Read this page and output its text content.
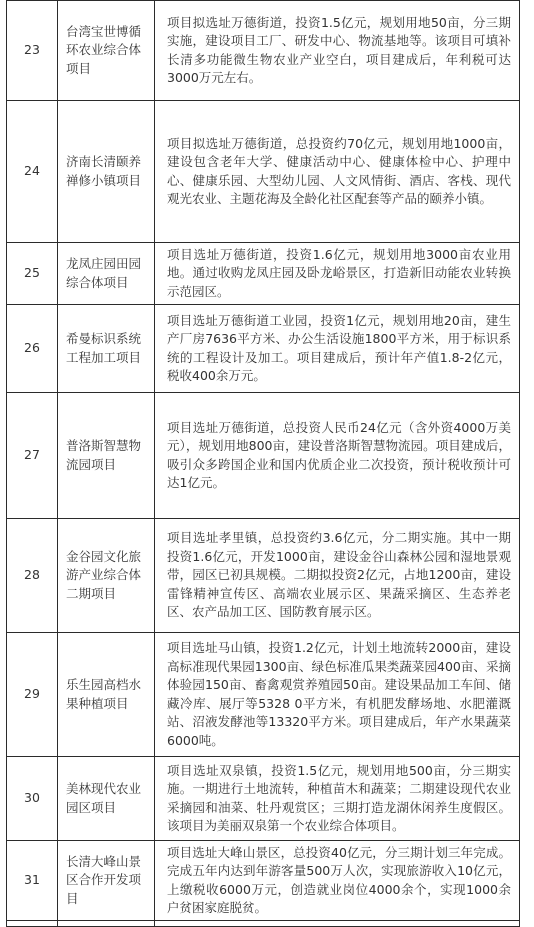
23	台湾宝世博循环农业综合体项目	项目拟选址万德街道，投资1.5亿元，规划用地50亩，分三期实施，建设项目工厂、研发中心、物流基地等。该项目可填补长清多功能微生物农业产业空白，项目建成后，年利税可达3000万元左右。

24	济南长清颐养禅修小镇项目	项目拟选址万德街道，总投资约70亿元，规划用地1000亩，建设包含老年大学、健康活动中心、健康体检中心、护理中心、健康乐园、大型幼儿园、人文风情街、酒店、客栈、现代观光农业、主题花海及全龄化社区配套等产品的颐养小镇。

25	龙凤庄园田园综合体项目	项目选址万德街道，投资1.6亿元，规划用地3000亩农业用地。通过收购龙凤庄园及卧龙峪景区，打造新旧动能农业转换示范园区。

26	希曼标识系统工程加工项目	项目选址万德街道工业园，投资1亿元，规划用地20亩，建生产厂房7636平方米、办公生活设施1800平方米，用于标识系统的工程设计及加工。项目建成后，预计年产值1.8-2亿元，税收400余万元。

27	普洛斯智慧物流园项目	项目选址万德街道，总投资人民币24亿元（含外资4000万美元），规划用地800亩，建设普洛斯智慧物流园。项目建成后，吸引众多跨国企业和国内优质企业二次投资，预计税收预计可达1亿元。

28	金谷园文化旅游产业综合体二期项目	项目选址孝里镇，总投资约3.6亿元，分二期实施。其中一期投资1.6亿元，开发1000亩，建设金谷山森林公园和湿地景观带，园区已初具规模。二期拟投资2亿元，占地1200亩，建设雷锋精神宣传区、高端农业展示区、果蔬采摘区、生态养老区、农产品加工区、国防教育展示区。

29	乐生园高档水果种植项目	项目选址马山镇，投资1.2亿元，计划土地流转2000亩，建设高标准现代果园1300亩、绿色标准瓜果类蔬菜园400亩、采摘体验园150亩、畜禽观赏养殖园50亩。建设果品加工车间、储藏冷库、展厅等5328 0平方米，有机肥发酵场地、水肥灌溉站、沼液发酵池等13320平方米。项目建成后，年产水果蔬菜6000吨。

30	美林现代农业园区项目	项目选址双泉镇，投资1.5亿元，规划用地500亩，分三期实施。一期进行土地流转，种植苗木和蔬菜；二期建设现代农业采摘园和油菜、牡丹观赏区；三期打造龙湖休闲养生度假区。该项目为美丽双泉第一个农业综合体项目。

31	长清大峰山景区合作开发项目	项目选址大峰山景区，总投资40亿元，分三期计划三年完成。完成五年内达到年游客量500万人次，实现旅游收入10亿元，上缴税收6000万元，创造就业岗位4000余个，实现1000余户贫困家庭脱贫。
